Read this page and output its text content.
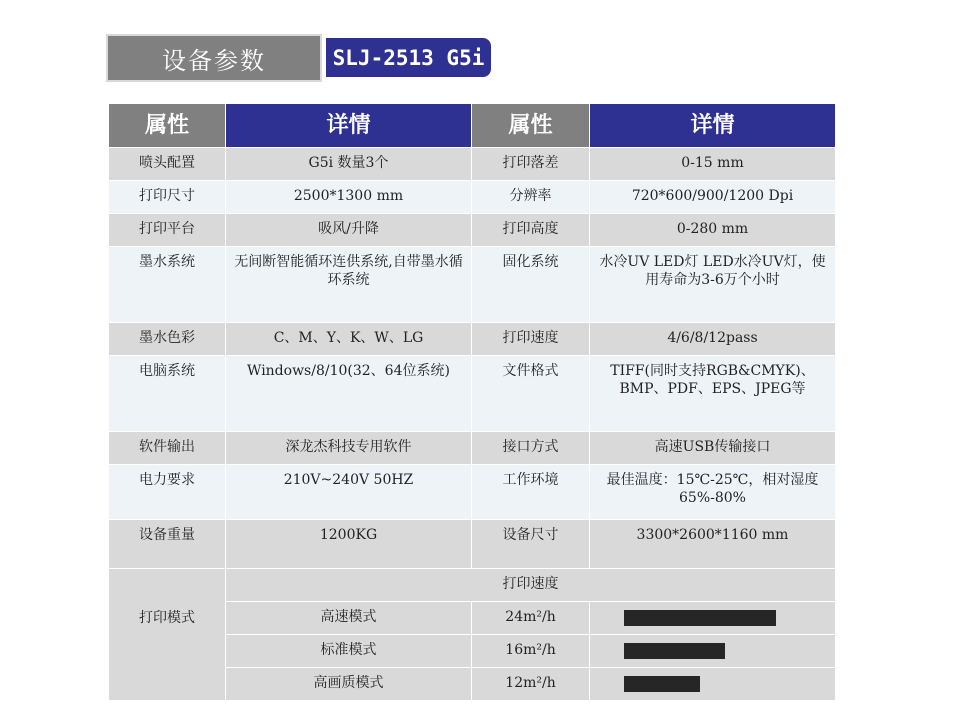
设备参数	SLJ-2513 G5i
属性	详情	属性	详情
喷头配置	G5i 数量3个	打印落差	0-15 mm
打印尺寸	2500*1300 mm	分辨率	720*600/900/1200 Dpi
打印平台	吸风/升降	打印高度	0-280 mm
墨水系统	无间断智能循环连供系统,自带墨水循环系统	固化系统	水冷UV LED灯 LED水冷UV灯，使用寿命为3-6万个小时
墨水色彩	C、M、Y、K、W、LG	打印速度	4/6/8/12pass
电脑系统	Windows/8/10(32、64位系统)	文件格式	TIFF(同时支持RGB&CMYK)、BMP、PDF、EPS、JPEG等
软件输出	深龙杰科技专用软件	接口方式	高速USB传输接口
电力要求	210V~240V 50HZ	工作环境	最佳温度：15℃-25℃，相对湿度 65%-80%
设备重量	1200KG	设备尺寸	3300*2600*1160 mm
打印模式	打印速度		
	高速模式	24m²/h	

	标准模式	16m²/h	

	高画质模式	12m²/h	
